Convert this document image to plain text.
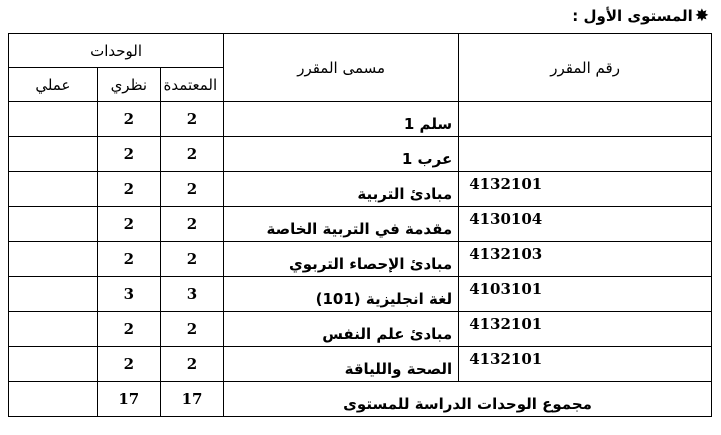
✸المستوى الأول :
رقم المقرر	مسمى المقرر	الوحدات		
		المعتمدة	نظري	عملي
	سلم 1	2	2	
	عرب 1	2	2	
4132101	مبادئ التربية	2	2	
4130104	مقدمة في التربية الخاصة	2	2	
4132103	مبادئ الإحصاء التربوي	2	2	
4103101	لغة انجليزية (101)	3	3	
4132101	مبادئ علم النفس	2	2	
4132101	الصحة واللياقة	2	2	
مجموع الوحدات الدراسة للمستوى		17	17	
